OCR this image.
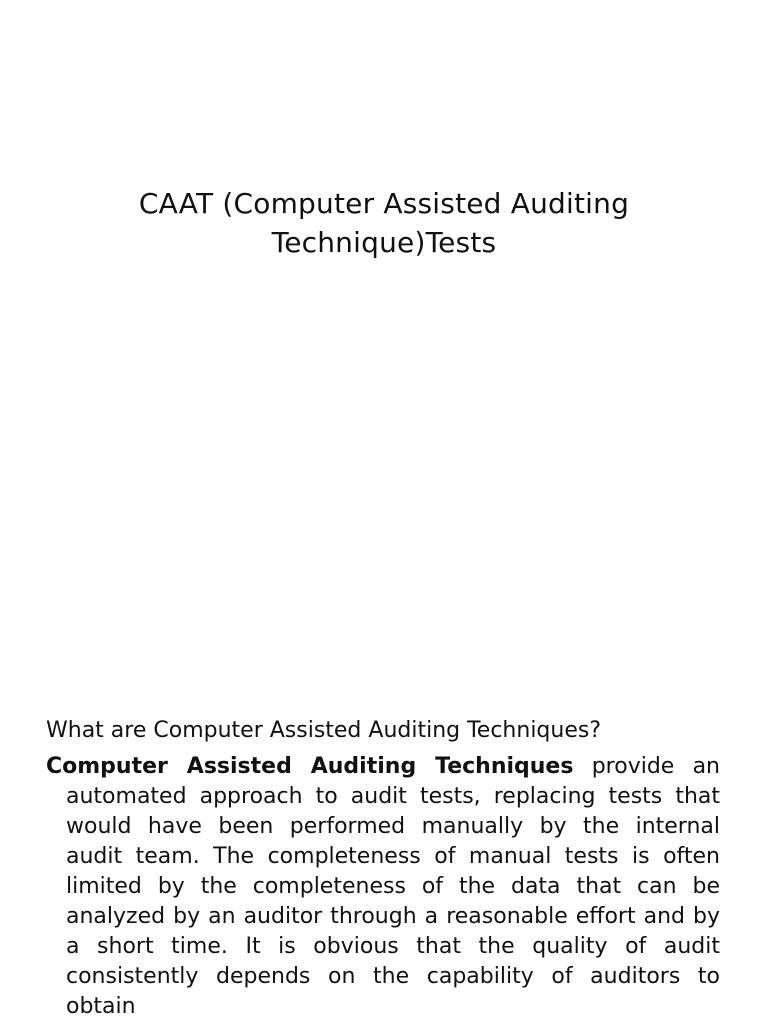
CAAT (Computer Assisted Auditing Technique)Tests

What are Computer Assisted Auditing Techniques?

Computer Assisted Auditing Techniques provide an automated approach to audit tests, replacing tests that would have been performed manually by the internal audit team. The completeness of manual tests is often limited by the completeness of the data that can be analyzed by an auditor through a reasonable effort and by a short time. It is obvious that the quality of audit consistently depends on the capability of auditors to obtain
